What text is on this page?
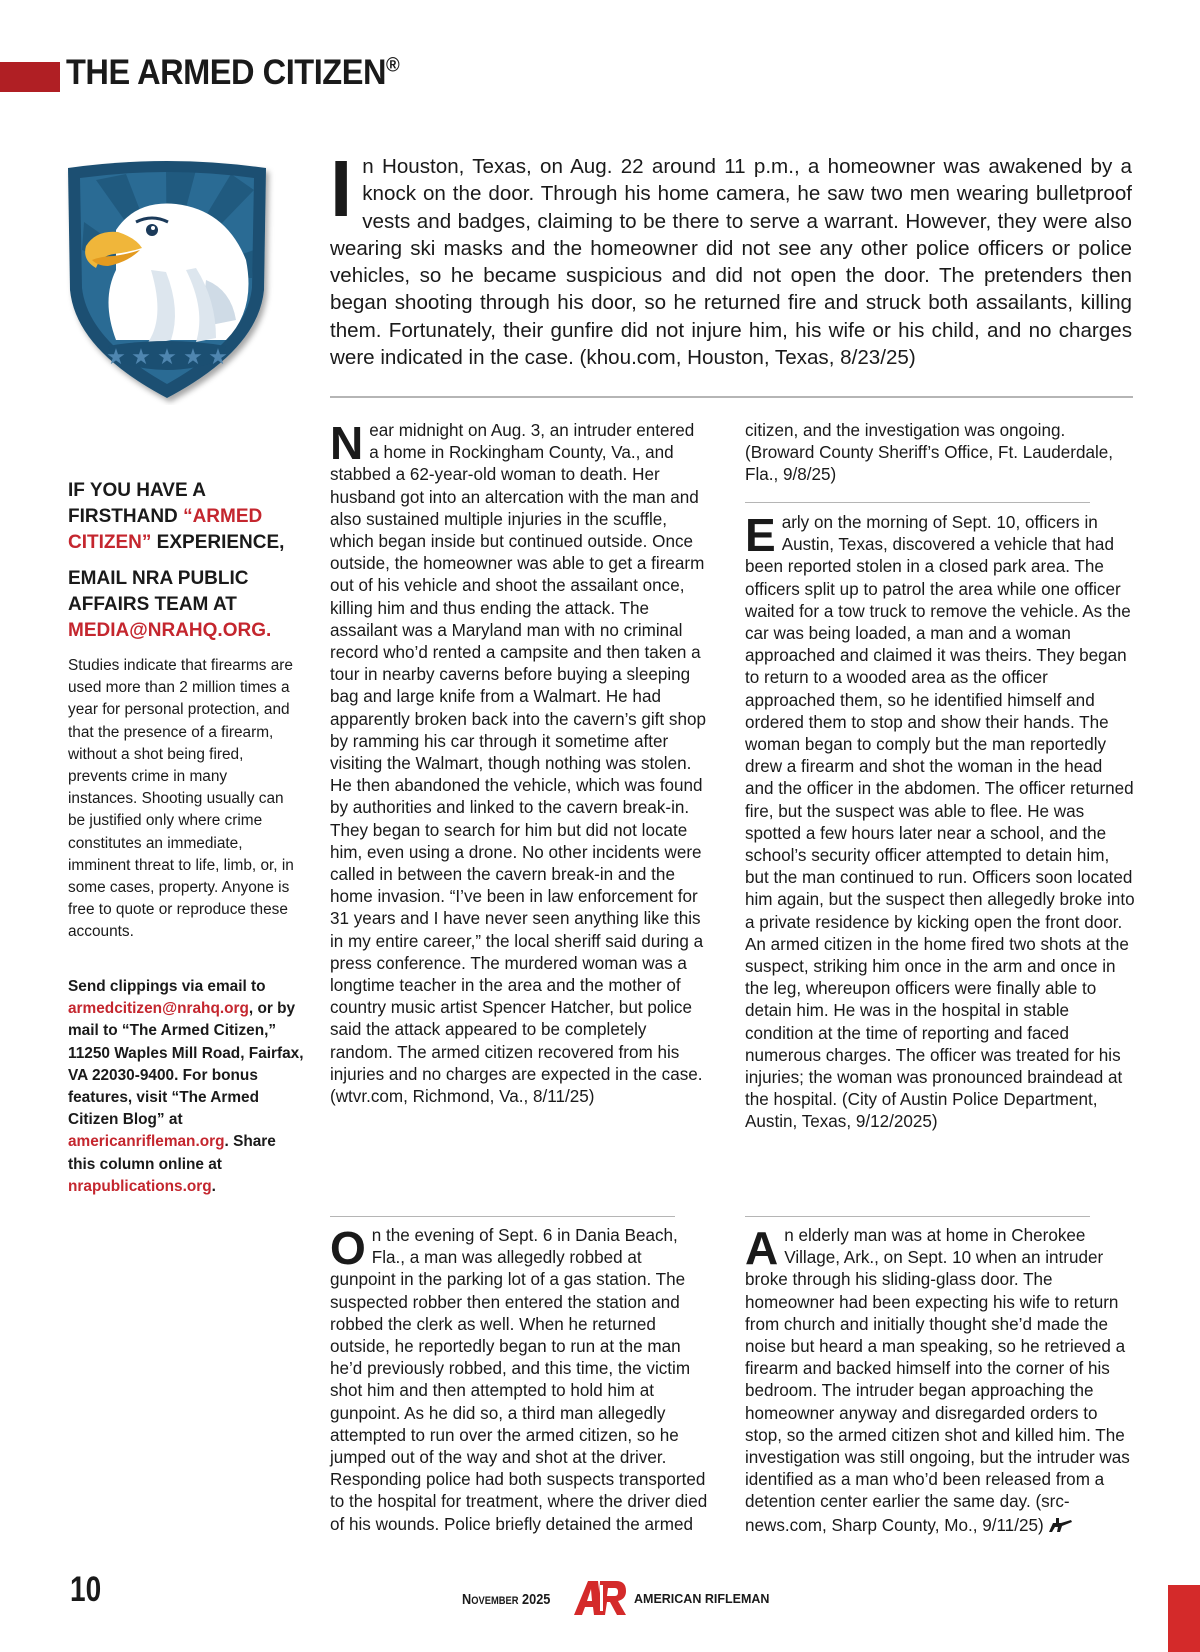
THE ARMED CITIZEN®
★ ★ ★ ★ ★
In Houston, Texas, on Aug. 22 around 11 p.m., a homeowner was awakened by a knock on the door. Through his home camera, he saw two men wearing bulletproof vests and badges, claiming to be there to serve a warrant. However, they were also wearing ski masks and the homeowner did not see any other police officers or police vehicles, so he became suspicious and did not open the door. The pretenders then began shooting through his door, so he returned fire and struck both assailants, killing them. Fortunately, their gunfire did not injure him, his wife or his child, and no charges were indicated in the case. (khou.com, Houston, Texas, 8/23/25)

IF YOU HAVE A FIRSTHAND “ARMED CITIZEN” EXPERIENCE,

EMAIL NRA PUBLIC AFFAIRS TEAM AT MEDIA@NRAHQ.ORG.

Studies indicate that firearms are used more than 2 million times a year for personal protection, and that the presence of a firearm, without a shot being fired, prevents crime in many instances. Shooting usually can be justified only where crime constitutes an immediate, imminent threat to life, limb, or, in some cases, property. Anyone is free to quote or reproduce these accounts.
Send clippings via email to armedcitizen@nrahq.org, or by mail to “The Armed Citizen,” 11250 Waples Mill Road, Fairfax, VA 22030-9400. For bonus features, visit “The Armed Citizen Blog” at americanrifleman.org. Share this column online at nrapublications.org.

Near midnight on Aug. 3, an intruder entered a home in Rockingham County, Va., and stabbed a 62-year-old woman to death. Her husband got into an altercation with the man and also sustained multiple injuries in the scuffle, which began inside but continued outside. Once outside, the homeowner was able to get a firearm out of his vehicle and shoot the assailant once, killing him and thus ending the attack. The assailant was a Maryland man with no criminal record who’d rented a campsite and then taken a tour in nearby caverns before buying a sleeping bag and large knife from a Walmart. He had apparently broken back into the cavern’s gift shop by ramming his car through it sometime after visiting the Walmart, though nothing was stolen. He then abandoned the vehicle, which was found by authorities and linked to the cavern break-in. They began to search for him but did not locate him, even using a drone. No other incidents were called in between the cavern break-in and the home invasion. “I’ve been in law enforcement for 31 years and I have never seen anything like this in my entire career,” the local sheriff said during a press conference. The murdered woman was a longtime teacher in the area and the mother of country music artist Spencer Hatcher, but police said the attack appeared to be completely random. The armed citizen recovered from his injuries and no charges are expected in the case. (wtvr.com, Richmond, Va., 8/11/25)

On the evening of Sept. 6 in Dania Beach, Fla., a man was allegedly robbed at gunpoint in the parking lot of a gas station. The suspected robber then entered the station and robbed the clerk as well. When he returned outside, he reportedly began to run at the man he’d previously robbed, and this time, the victim shot him and then attempted to hold him at gunpoint. As he did so, a third man allegedly attempted to run over the armed citizen, so he jumped out of the way and shot at the driver. Responding police had both suspects transported to the hospital for treatment, where the driver died of his wounds. Police briefly detained the armed

citizen, and the investigation was ongoing. (Broward County Sheriff’s Office, Ft. Lauderdale, Fla., 9/8/25)

Early on the morning of Sept. 10, officers in Austin, Texas, discovered a vehicle that had been reported stolen in a closed park area. The officers split up to patrol the area while one officer waited for a tow truck to remove the vehicle. As the car was being loaded, a man and a woman approached and claimed it was theirs. They began to return to a wooded area as the officer approached them, so he identified himself and ordered them to stop and show their hands. The woman began to comply but the man reportedly drew a firearm and shot the woman in the head and the officer in the abdomen. The officer returned fire, but the suspect was able to flee. He was spotted a few hours later near a school, and the school’s security officer attempted to detain him, but the man continued to run. Officers soon located him again, but the suspect then allegedly broke into a private residence by kicking open the front door. An armed citizen in the home fired two shots at the suspect, striking him once in the arm and once in the leg, whereupon officers were finally able to detain him. He was in the hospital in stable condition at the time of reporting and faced numerous charges. The officer was treated for his injuries; the woman was pronounced braindead at the hospital. (City of Austin Police Department, Austin, Texas, 9/12/2025)

An elderly man was at home in Cherokee Village, Ark., on Sept. 10 when an intruder broke through his sliding-glass door. The homeowner had been expecting his wife to return from church and initially thought she’d made the noise but heard a man speaking, so he retrieved a firearm and backed himself into the corner of his bedroom. The intruder began approaching the homeowner anyway and disregarded orders to stop, so the armed citizen shot and killed him. The investigation was still ongoing, but the intruder was identified as a man who’d been released from a detention center earlier the same day. (src-news.com, Sharp County, Mo., 9/11/25)

10	November 2025	AMERICAN RIFLEMAN
